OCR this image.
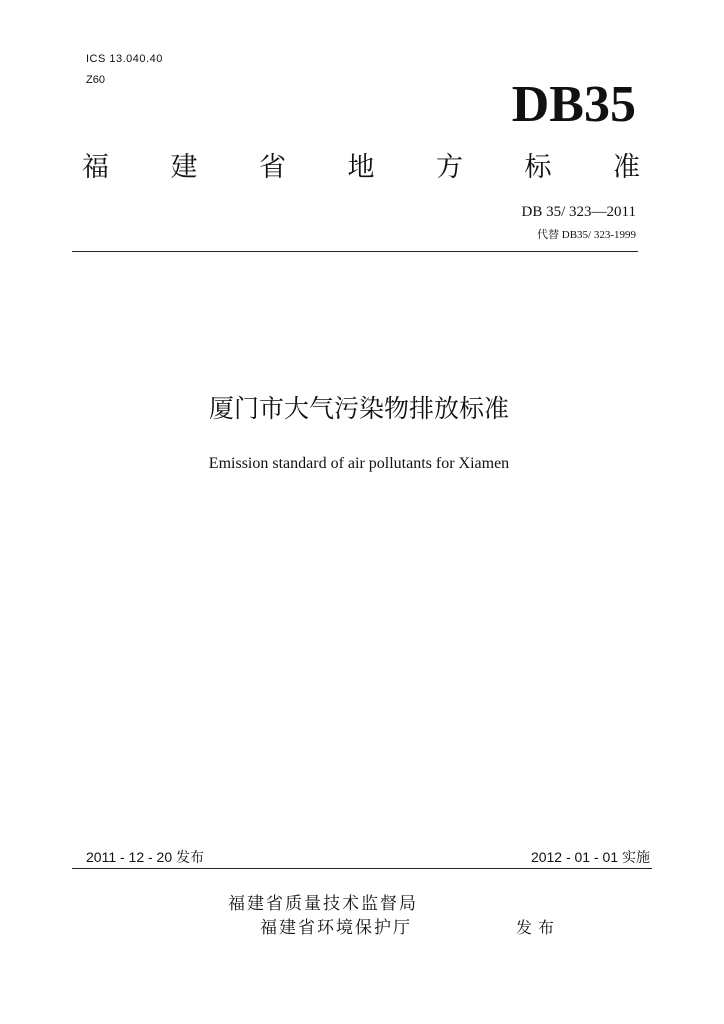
ICS 13.040.40
Z60	DB35
福 建 省 地 方 标 准
DB 35/ 323—2011
代替 DB35/ 323-1999
厦门市大气污染物排放标准
Emission standard of air pollutants for Xiamen
2011 - 12 - 20 发布	2012 - 01 - 01 实施
福建省质量技术监督局
福建省环境保护厅	发布
